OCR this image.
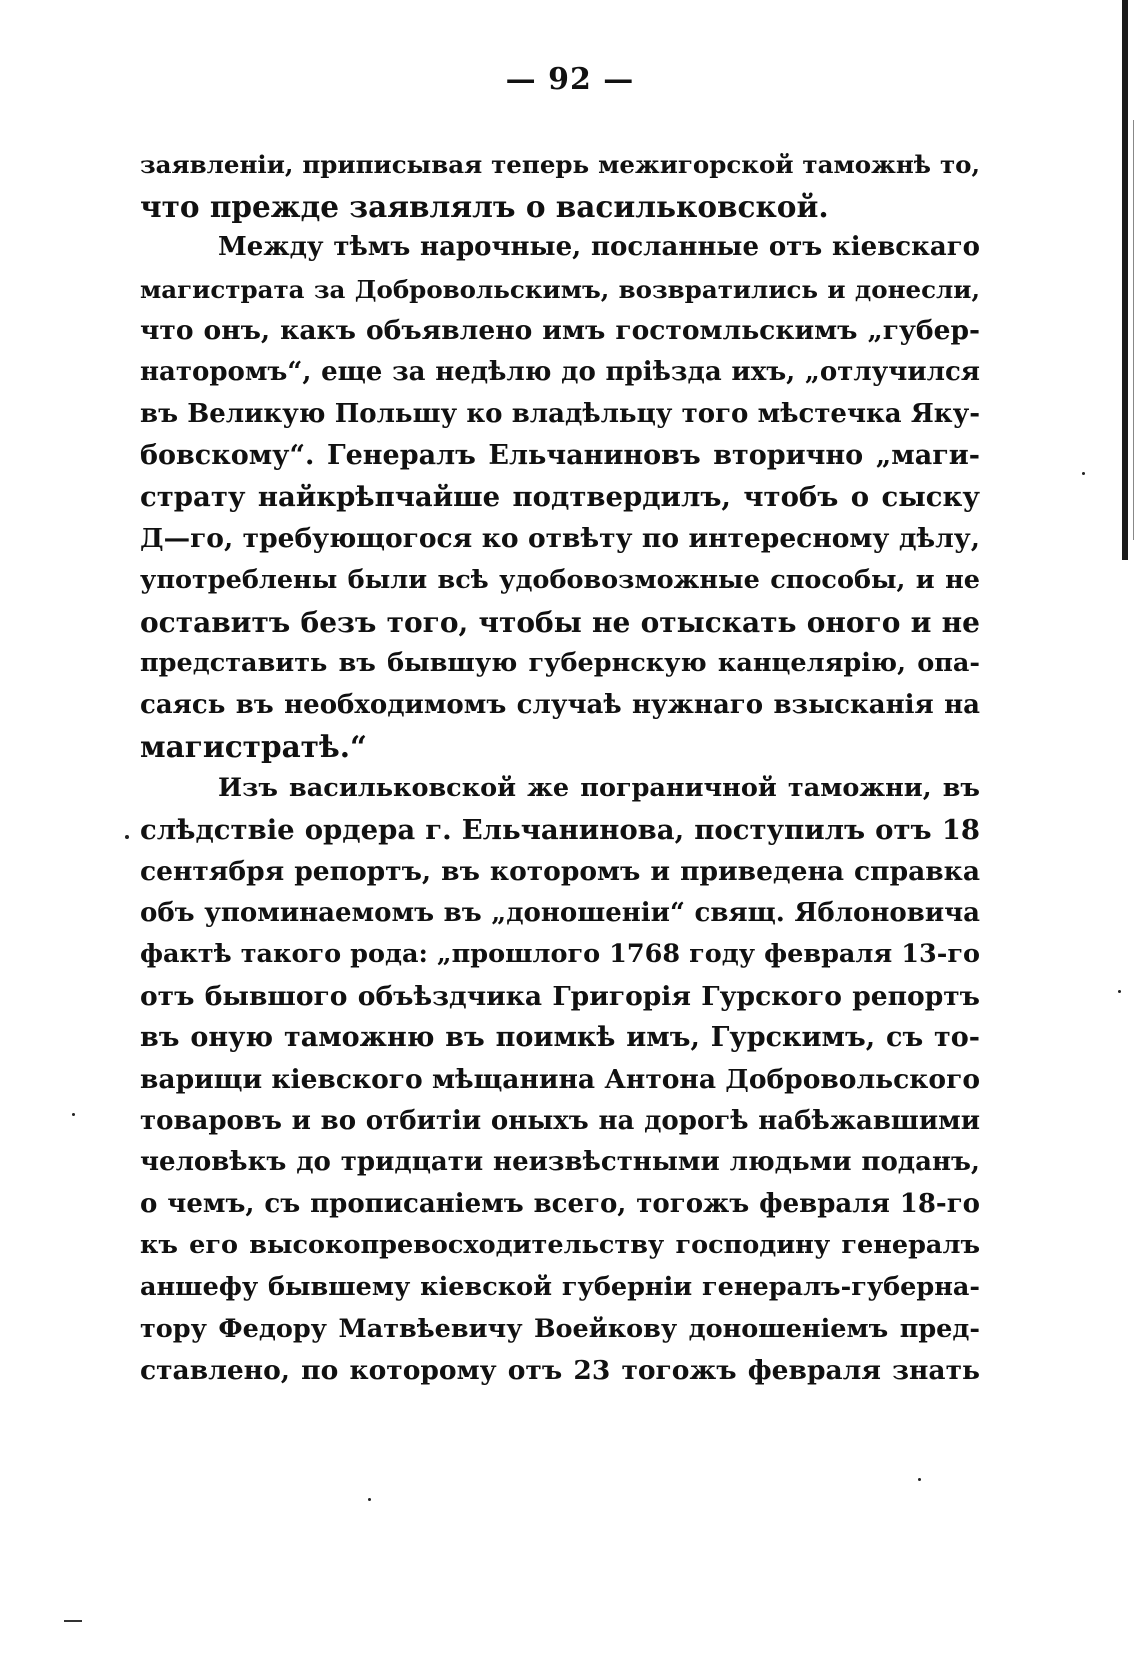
— 92 —
заявленіи, приписывая теперь межигорской таможнѣ то,
что прежде заявлялъ о васильковской.
Между тѣмъ нарочные, посланные отъ кіевскаго
магистрата за Добровольскимъ, возвратились и донесли,
что онъ, какъ объявлено имъ гостомльскимъ „губер-
наторомъ“, еще за недѣлю до пріѣзда ихъ, „отлучился
въ Великую Польшу ко владѣльцу того мѣстечка Яку-
бовскому“. Генералъ Ельчаниновъ вторично „маги-
страту найкрѣпчайше подтвердилъ, чтобъ о сыску
Д—го, требующогося ко отвѣту по интересному дѣлу,
употреблены были всѣ удобовозможные способы, и не
оставитъ безъ того, чтобы не отыскать оного и не
представить въ бывшую губернскую канцелярію, опа-
саясь въ необходимомъ случаѣ нужнаго взысканія на
магистратѣ.“
Изъ васильковской же пограничной таможни, въ
слѣдствіе ордера г. Ельчанинова, поступилъ отъ 18
сентября репортъ, въ которомъ и приведена справка
объ упоминаемомъ въ „доношеніи“ свящ. Яблоновича
фактѣ такого рода: „прошлого 1768 году февраля 13-го
отъ бывшого объѣздчика Григорія Гурского репортъ
въ оную таможню въ поимкѣ имъ, Гурскимъ, съ то-
варищи кіевского мѣщанина Антона Добровольского
товаровъ и во отбитіи оныхъ на дорогѣ набѣжавшими
человѣкъ до тридцати неизвѣстными людьми поданъ,
о чемъ, съ прописаніемъ всего, тогожъ февраля 18-го
къ его высокопревосходительству господину генералъ
аншефу бывшему кіевской губерніи генералъ-губерна-
тору Федору Матвѣевичу Воейкову доношеніемъ пред-
ставлено, по которому отъ 23 тогожъ февраля знать
